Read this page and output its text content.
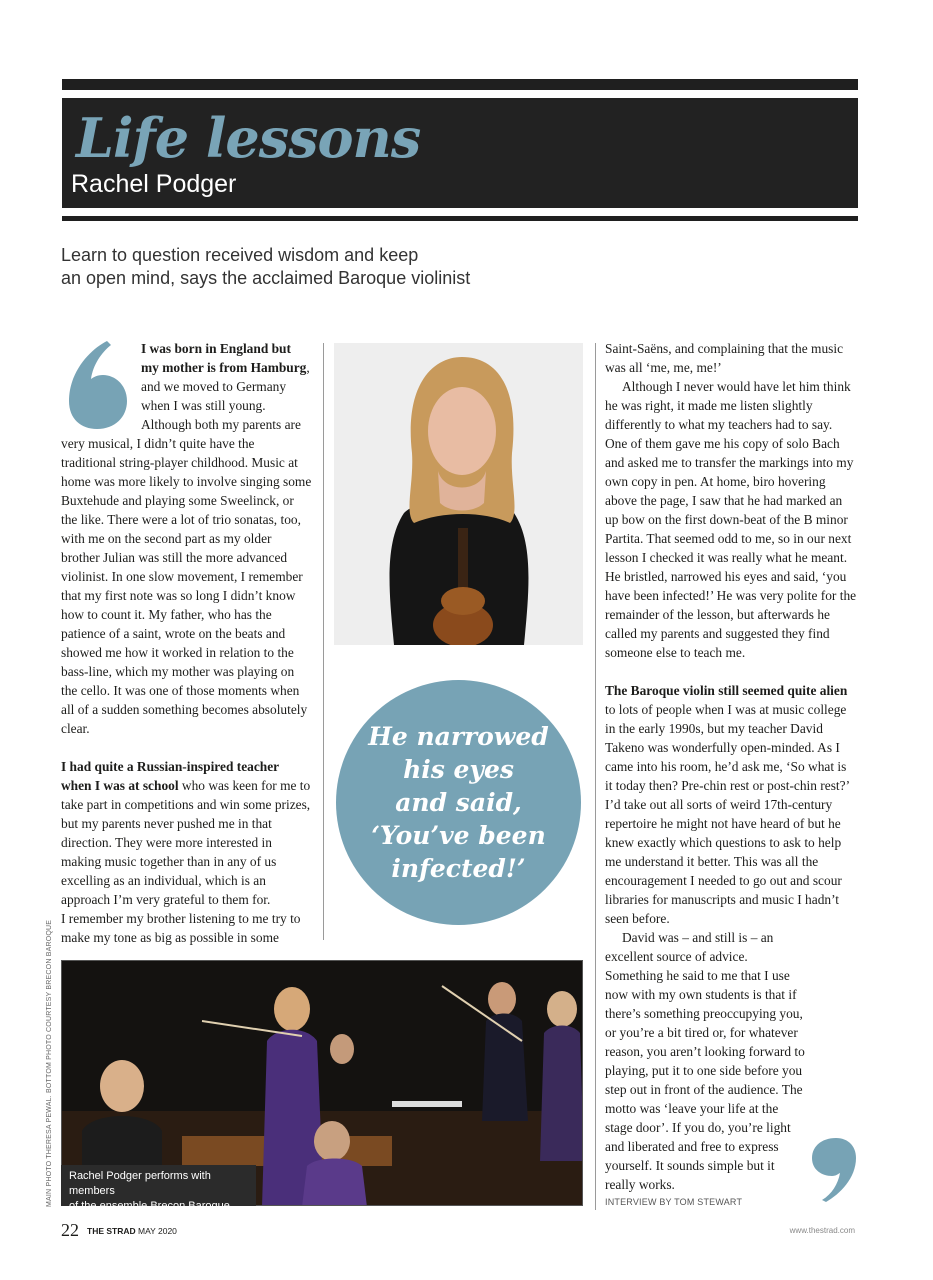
Life lessons
Rachel Podger
Learn to question received wisdom and keep
an open mind, says the acclaimed Baroque violinist

I was born in England but my mother is from Hamburg, and we moved to Germany when I was still young. Although both my parents are very musical, I didn’t quite have the traditional string-player childhood. Music at home was more likely to involve singing some Buxtehude and playing some Sweelinck, or the like. There were a lot of trio sonatas, too, with me on the second part as my older brother Julian was still the more advanced violinist. In one slow movement, I remember that my first note was so long I didn’t know how to count it. My father, who has the patience of a saint, wrote on the beats and showed me how it worked in relation to the bass-line, which my mother was playing on the cello. It was one of those moments when all of a sudden something becomes absolutely clear.

I had quite a Russian-inspired teacher when I was at school who was keen for me to take part in competitions and win some prizes, but my parents never pushed me in that direction. They were more interested in making music together than in any of us excelling as an individual, which is an approach I’m very grateful to them for.

I remember my brother listening to me try to make my tone as big as possible in some

He narrowed
his eyes
and said,
‘You’ve been
infected!’

Saint-Saëns, and complaining that the music was all ‘me, me, me!’

Although I never would have let him think he was right, it made me listen slightly differently to what my teachers had to say. One of them gave me his copy of solo Bach and asked me to transfer the markings into my own copy in pen. At home, biro hovering above the page, I saw that he had marked an up bow on the first down-beat of the B minor Partita. That seemed odd to me, so in our next lesson I checked it was really what he meant. He bristled, narrowed his eyes and said, ‘you have been infected!’ He was very polite for the remainder of the lesson, but afterwards he called my parents and suggested they find someone else to teach me.

The Baroque violin still seemed quite alien to lots of people when I was at music college in the early 1990s, but my teacher David Takeno was wonderfully open-minded. As I came into his room, he’d ask me, ‘So what is it today then? Pre-chin rest or post-chin rest?’ I’d take out all sorts of weird 17th-century repertoire he might not have heard of but he knew exactly which questions to ask to help me understand it better. This was all the encouragement I needed to go out and scour libraries for manuscripts and music I hadn’t seen before.

David was – and still is – an excellent source of advice. Something he said to me that I use now with my own students is that if there’s something preoccupying you, or you’re a bit tired or, for whatever reason, you aren’t looking forward to playing, put it to one side before you step out in front of the audience. The motto was ‘leave your life at the stage door’. If you do, you’re light and liberated and free to express yourself. It sounds simple but it really works.

Rachel Podger performs with members
of the ensemble Brecon Baroque
MAIN PHOTO THERESA PEWAL. BOTTOM PHOTO COURTESY BRECON BAROQUE	INTERVIEW BY TOM STEWART
22 THE STRAD MAY 2020	www.thestrad.com
